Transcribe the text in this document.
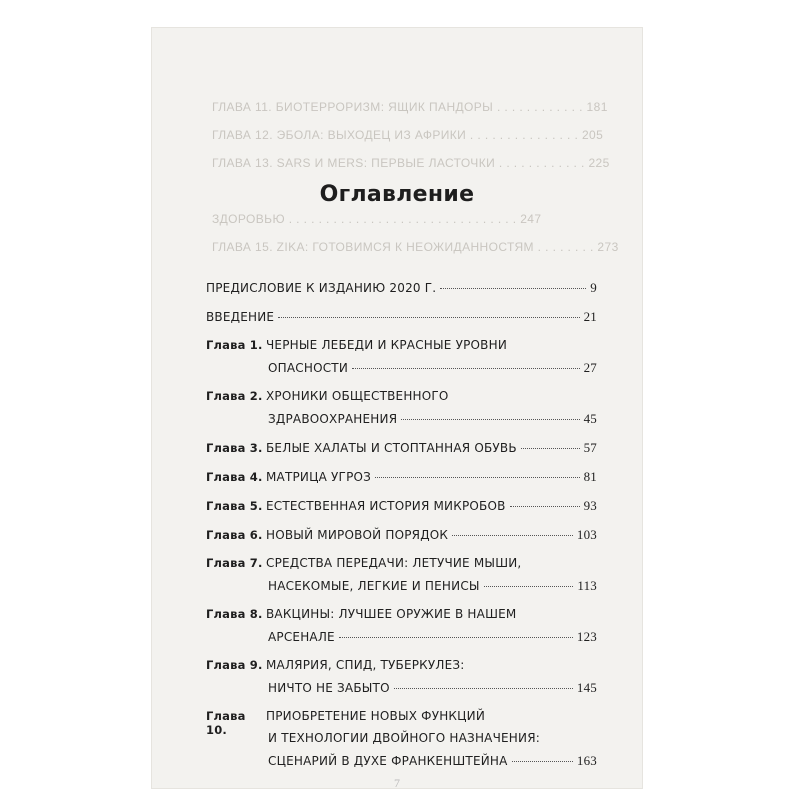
ГЛАВА 11. БИОТЕРРОРИЗМ: ЯЩИК ПАНДОРЫ . . . . . . . . . . . . 181
ГЛАВА 12. ЭБОЛА: ВЫХОДЕЦ ИЗ АФРИКИ . . . . . . . . . . . . . . . 205
ГЛАВА 13. SARS И MERS: ПЕРВЫЕ ЛАСТОЧКИ . . . . . . . . . . . . 225
ЗДОРОВЬЮ . . . . . . . . . . . . . . . . . . . . . . . . . . . . . . . 247
ГЛАВА 15. ZIKA: ГОТОВИМСЯ К НЕОЖИДАННОСТЯМ . . . . . . . . 273
Оглавление
ПРЕДИСЛОВИЕ К ИЗДАНИЮ 2020 Г.	9
ВВЕДЕНИЕ	21
Глава 1. ЧЕРНЫЕ ЛЕБЕДИ И КРАСНЫЕ УРОВНИ
ОПАСНОСТИ	27
Глава 2. ХРОНИКИ ОБЩЕСТВЕННОГО
ЗДРАВООХРАНЕНИЯ	45
Глава 3. БЕЛЫЕ ХАЛАТЫ И СТОПТАННАЯ ОБУВЬ	57
Глава 4. МАТРИЦА УГРОЗ	81
Глава 5. ЕСТЕСТВЕННАЯ ИСТОРИЯ МИКРОБОВ	93
Глава 6. НОВЫЙ МИРОВОЙ ПОРЯДОК	103
Глава 7. СРЕДСТВА ПЕРЕДАЧИ: ЛЕТУЧИЕ МЫШИ,
НАСЕКОМЫЕ, ЛЕГКИЕ И ПЕНИСЫ	113
Глава 8. ВАКЦИНЫ: ЛУЧШЕЕ ОРУЖИЕ В НАШЕМ
АРСЕНАЛЕ	123
Глава 9. МАЛЯРИЯ, СПИД, ТУБЕРКУЛЕЗ:
НИЧТО НЕ ЗАБЫТО	145
Глава 10.
ПРИОБРЕТЕНИЕ НОВЫХ ФУНКЦИЙ
И ТЕХНОЛОГИИ ДВОЙНОГО НАЗНАЧЕНИЯ:
СЦЕНАРИЙ В ДУХЕ ФРАНКЕНШТЕЙНА	163
7
